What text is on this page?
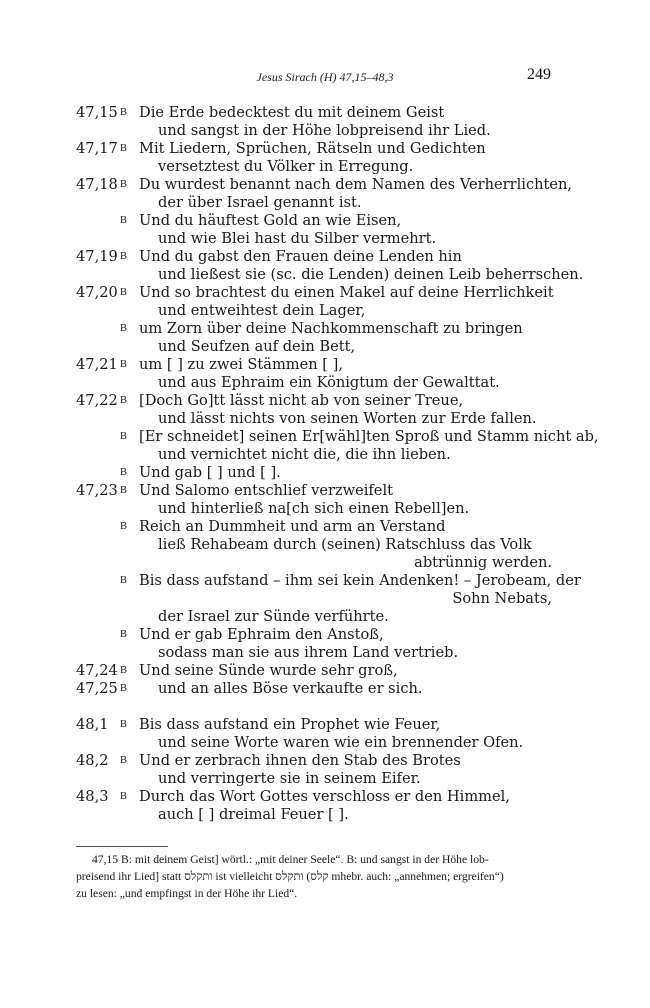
Jesus Sirach (H) 47,15–48,3	249
47,15 B Die Erde bedecktest du mit deinem Geist
und sangst in der Höhe lobpreisend ihr Lied.
47,17 B Mit Liedern, Sprüchen, Rätseln und Gedichten
versetztest du Völker in Erregung.
47,18 B Du wurdest benannt nach dem Namen des Verherrlichten,
der über Israel genannt ist.
B Und du häuftest Gold an wie Eisen,
und wie Blei hast du Silber vermehrt.
47,19 B Und du gabst den Frauen deine Lenden hin
und ließest sie (sc. die Lenden) deinen Leib beherrschen.
47,20 B Und so brachtest du einen Makel auf deine Herrlichkeit
und entweihtest dein Lager,
B um Zorn über deine Nachkommenschaft zu bringen
und Seufzen auf dein Bett,
47,21 B um [ ] zu zwei Stämmen [ ],
und aus Ephraim ein Königtum der Gewalttat.
47,22 B [Doch Go]tt lässt nicht ab von seiner Treue,
und lässt nichts von seinen Worten zur Erde fallen.
B [Er schneidet] seinen Er[wähl]ten Sproß und Stamm nicht ab,
und vernichtet nicht die, die ihn lieben.
B Und gab [ ] und [ ].
47,23 B Und Salomo entschlief verzweifelt
und hinterließ na[ch sich einen Rebell]en.
B Reich an Dummheit und arm an Verstand
ließ Rehabeam durch (seinen) Ratschluss das Volk
abtrünnig werden.
B Bis dass aufstand – ihm sei kein Andenken! – Jerobeam, der
Sohn Nebats,
der Israel zur Sünde verführte.
B Und er gab Ephraim den Anstoß,
sodass man sie aus ihrem Land vertrieb.
47,24 B Und seine Sünde wurde sehr groß,
47,25 B und an alles Böse verkaufte er sich.
48,1 B Bis dass aufstand ein Prophet wie Feuer,
und seine Worte waren wie ein brennender Ofen.
48,2 B Und er zerbrach ihnen den Stab des Brotes
und verringerte sie in seinem Eifer.
48,3 B Durch das Wort Gottes verschloss er den Himmel,
auch [ ] dreimal Feuer [ ].
47,15 B: mit deinem Geist] wörtl.: „mit deiner Seele“. B: und sangst in der Höhe lob-
preisend ihr Lied] statt ותקלס ist vielleicht ותקלס (קלס mhebr. auch: „annehmen; ergreifen“)
zu lesen: „und empfingst in der Höhe ihr Lied“.
